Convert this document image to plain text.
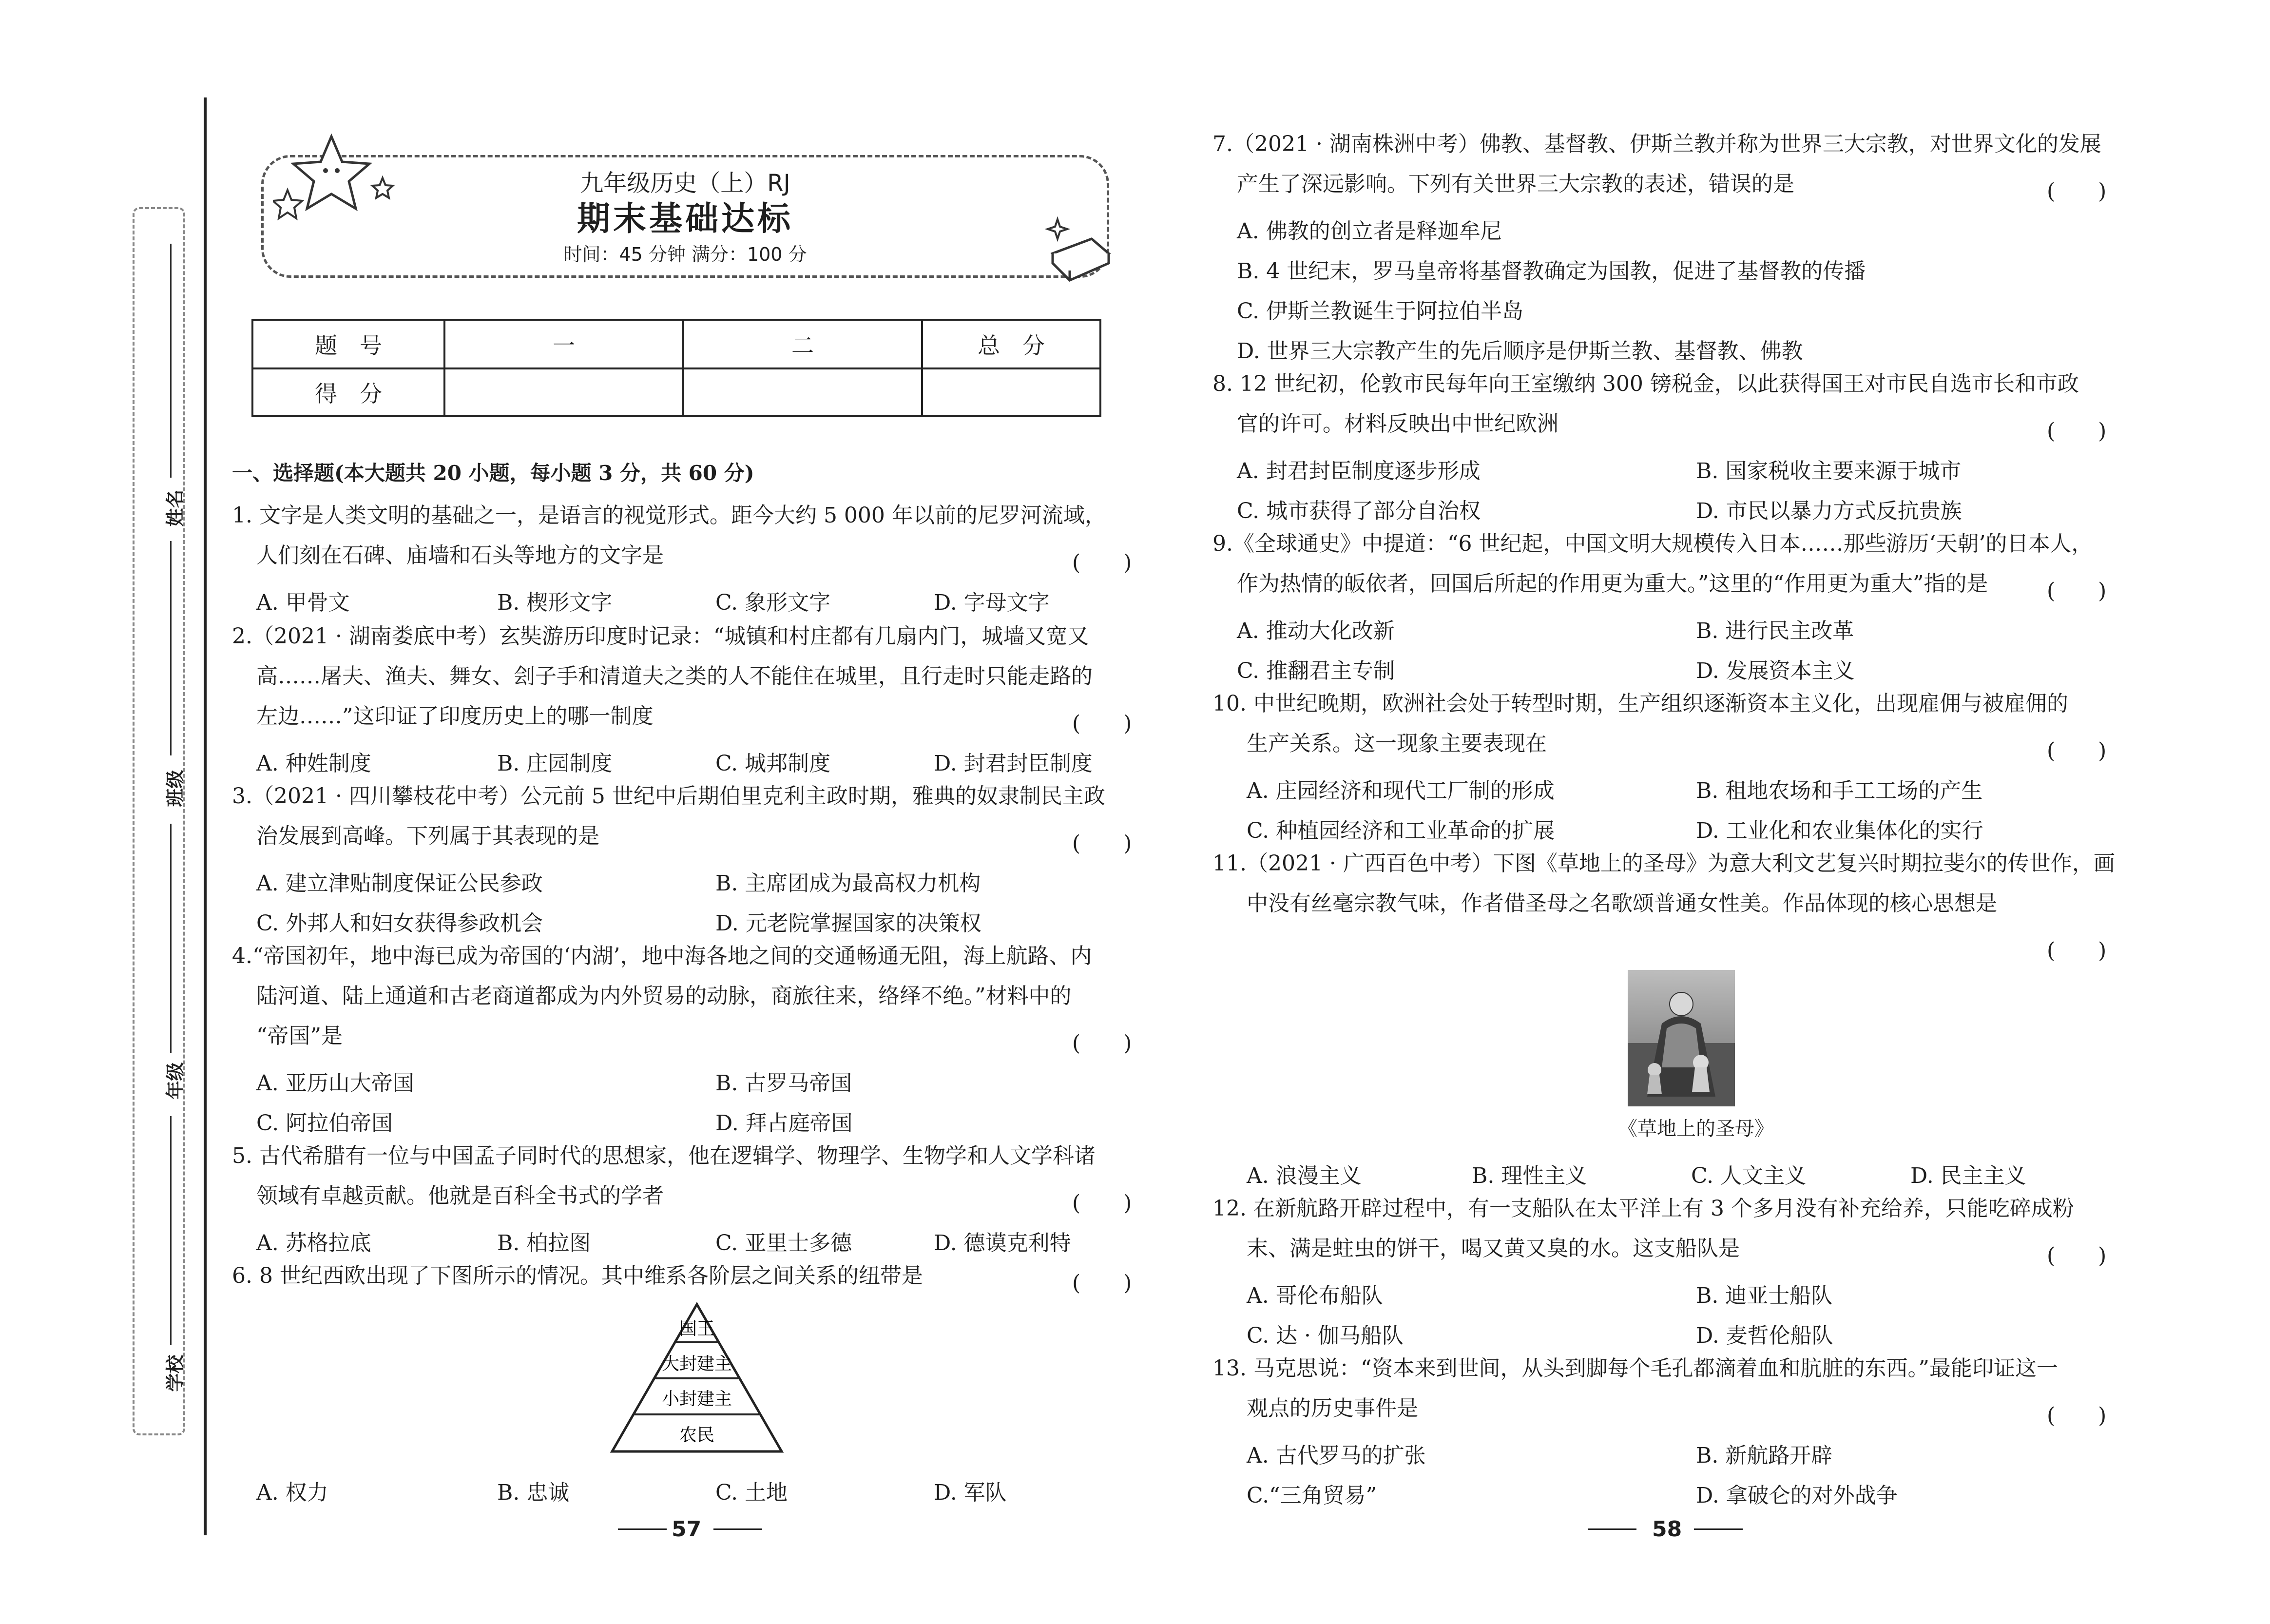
姓名
班级
年级
学校
九年级历史（上）RJ
期末基础达标
时间：45 分钟 满分：100 分
题　号	一	二	总　分
得　分			
一、选择题(本大题共 20 小题，每小题 3 分，共 60 分)
1. 文字是人类文明的基础之一，是语言的视觉形式。距今大约 5 000 年以前的尼罗河流域，
人们刻在石碑、庙墙和石头等地方的文字是	(　　)
A. 甲骨文	B. 楔形文字	C. 象形文字	D. 字母文字
2.（2021 · 湖南娄底中考）玄奘游历印度时记录：“城镇和村庄都有几扇内门，城墙又宽又
高……屠夫、渔夫、舞女、刽子手和清道夫之类的人不能住在城里，且行走时只能走路的
左边……”这印证了印度历史上的哪一制度	(　　)
A. 种姓制度	B. 庄园制度	C. 城邦制度	D. 封君封臣制度
3.（2021 · 四川攀枝花中考）公元前 5 世纪中后期伯里克利主政时期，雅典的奴隶制民主政
治发展到高峰。下列属于其表现的是	(　　)
A. 建立津贴制度保证公民参政	B. 主席团成为最高权力机构
C. 外邦人和妇女获得参政机会	D. 元老院掌握国家的决策权
4.“帝国初年，地中海已成为帝国的‘内湖’，地中海各地之间的交通畅通无阻，海上航路、内
陆河道、陆上通道和古老商道都成为内外贸易的动脉，商旅往来，络绎不绝。”材料中的
“帝国”是	(　　)
A. 亚历山大帝国	B. 古罗马帝国
C. 阿拉伯帝国	D. 拜占庭帝国
5. 古代希腊有一位与中国孟子同时代的思想家，他在逻辑学、物理学、生物学和人文学科诸
领域有卓越贡献。他就是百科全书式的学者	(　　)
A. 苏格拉底	B. 柏拉图	C. 亚里士多德	D. 德谟克利特
6. 8 世纪西欧出现了下图所示的情况。其中维系各阶层之间关系的纽带是	(　　)
国王
大封建主
小封建主
农民
A. 权力	B. 忠诚	C. 土地	D. 军队
57
7.（2021 · 湖南株洲中考）佛教、基督教、伊斯兰教并称为世界三大宗教，对世界文化的发展
产生了深远影响。下列有关世界三大宗教的表述，错误的是	(　　)
A. 佛教的创立者是释迦牟尼
B. 4 世纪末，罗马皇帝将基督教确定为国教，促进了基督教的传播
C. 伊斯兰教诞生于阿拉伯半岛
D. 世界三大宗教产生的先后顺序是伊斯兰教、基督教、佛教
8. 12 世纪初，伦敦市民每年向王室缴纳 300 镑税金，以此获得国王对市民自选市长和市政
官的许可。材料反映出中世纪欧洲	(　　)
A. 封君封臣制度逐步形成	B. 国家税收主要来源于城市
C. 城市获得了部分自治权	D. 市民以暴力方式反抗贵族
9.《全球通史》中提道：“6 世纪起，中国文明大规模传入日本……那些游历‘天朝’的日本人，
作为热情的皈依者，回国后所起的作用更为重大。”这里的“作用更为重大”指的是	(　　)
A. 推动大化改新	B. 进行民主改革
C. 推翻君主专制	D. 发展资本主义
10. 中世纪晚期，欧洲社会处于转型时期，生产组织逐渐资本主义化，出现雇佣与被雇佣的
生产关系。这一现象主要表现在	(　　)
A. 庄园经济和现代工厂制的形成	B. 租地农场和手工工场的产生
C. 种植园经济和工业革命的扩展	D. 工业化和农业集体化的实行
11.（2021 · 广西百色中考）下图《草地上的圣母》为意大利文艺复兴时期拉斐尔的传世作，画
中没有丝毫宗教气味，作者借圣母之名歌颂普通女性美。作品体现的核心思想是
(　　)
《草地上的圣母》
A. 浪漫主义	B. 理性主义	C. 人文主义	D. 民主主义
12. 在新航路开辟过程中，有一支船队在太平洋上有 3 个多月没有补充给养，只能吃碎成粉
末、满是蛀虫的饼干，喝又黄又臭的水。这支船队是	(　　)
A. 哥伦布船队	B. 迪亚士船队
C. 达 · 伽马船队	D. 麦哲伦船队
13. 马克思说：“资本来到世间，从头到脚每个毛孔都滴着血和肮脏的东西。”最能印证这一
观点的历史事件是	(　　)
A. 古代罗马的扩张	B. 新航路开辟
C.“三角贸易”	D. 拿破仑的对外战争
58
